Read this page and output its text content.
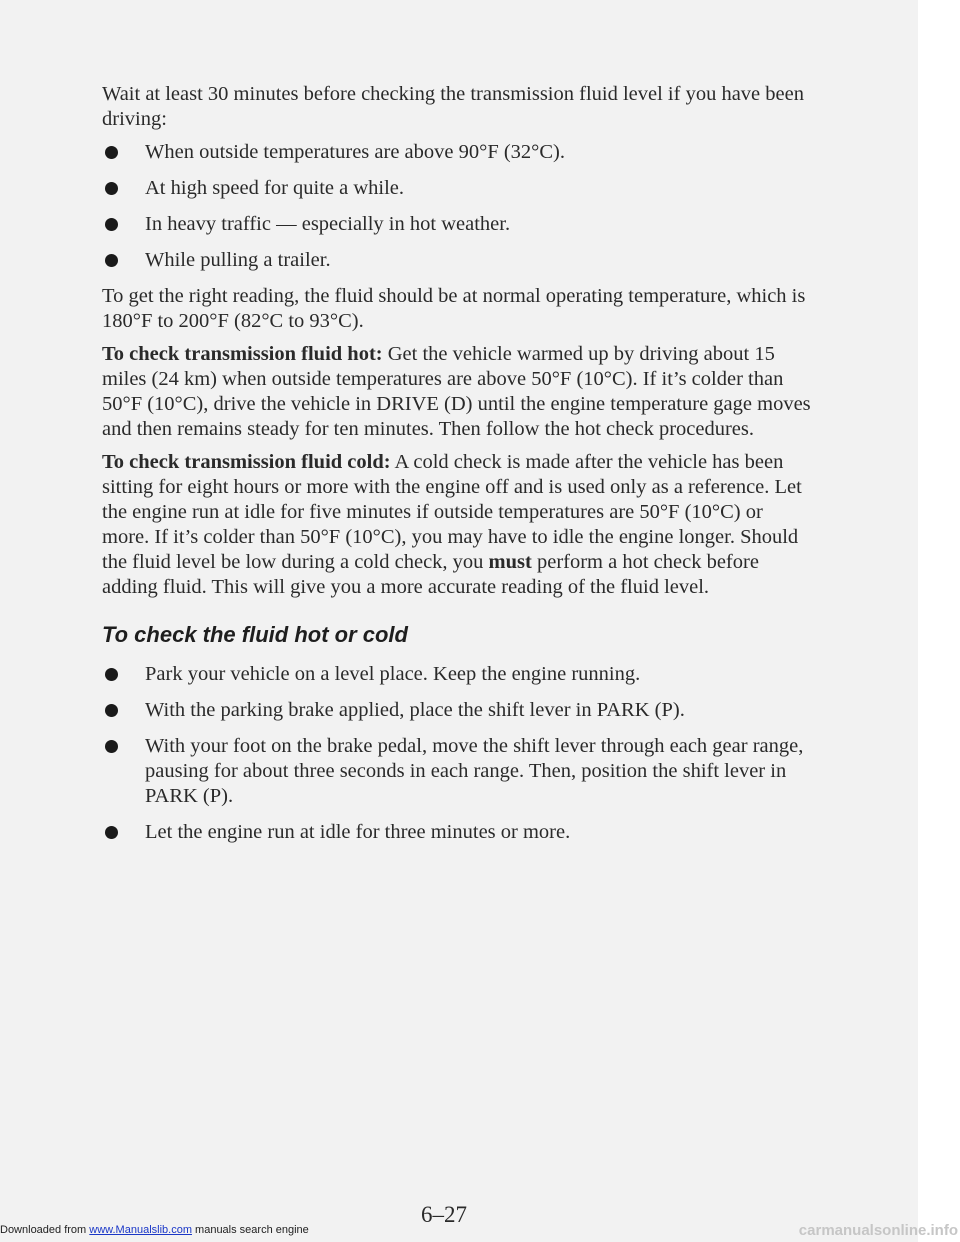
Wait at least 30 minutes before checking the transmission fluid level if you have been driving:

When outside temperatures are above 90°F (32°C).
At high speed for quite a while.
In heavy traffic — especially in hot weather.
While pulling a trailer.

To get the right reading, the fluid should be at normal operating temperature, which is 180°F to 200°F (82°C to 93°C).

To check transmission fluid hot: Get the vehicle warmed up by driving about 15 miles (24 km) when outside temperatures are above 50°F (10°C). If it’s colder than 50°F (10°C), drive the vehicle in DRIVE (D) until the engine temperature gage moves and then remains steady for ten minutes. Then follow the hot check procedures.

To check transmission fluid cold: A cold check is made after the vehicle has been sitting for eight hours or more with the engine off and is used only as a reference. Let the engine run at idle for five minutes if outside temperatures are 50°F (10°C) or more. If it’s colder than 50°F (10°C), you may have to idle the engine longer. Should the fluid level be low during a cold check, you must perform a hot check before adding fluid. This will give you a more accurate reading of the fluid level.

To check the fluid hot or cold
Park your vehicle on a level place. Keep the engine running.
With the parking brake applied, place the shift lever in PARK (P).
With your foot on the brake pedal, move the shift lever through each gear range, pausing for about three seconds in each range. Then, position the shift lever in PARK (P).
Let the engine run at idle for three minutes or more.
6–27
Downloaded from www.Manualslib.com manuals search engine	carmanualsonline.info
